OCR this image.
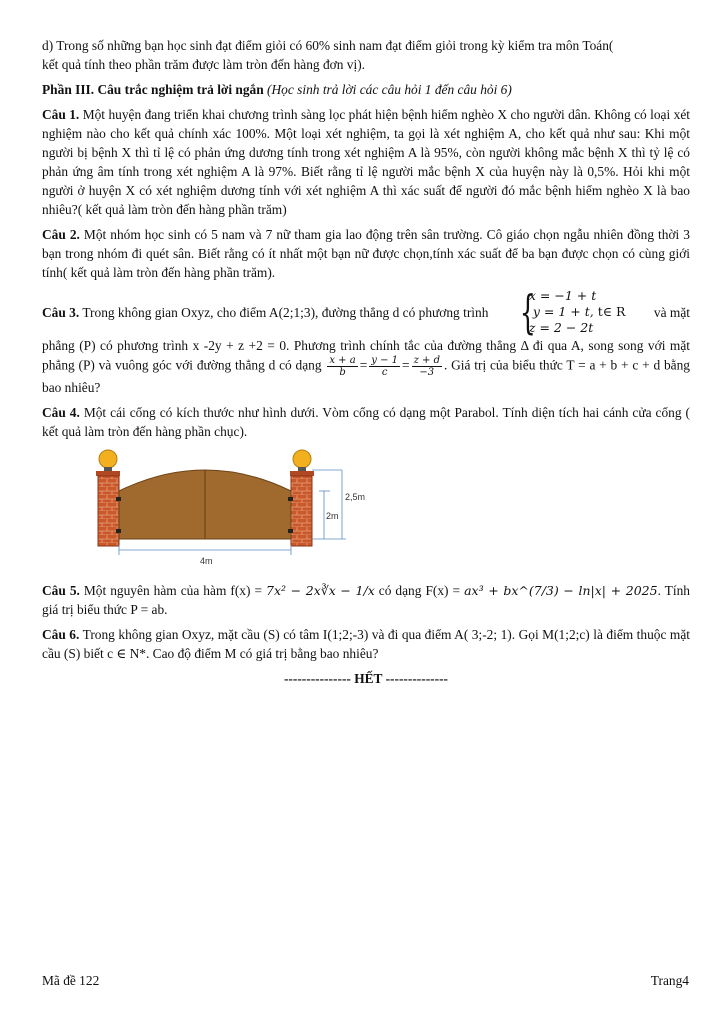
d) Trong số những bạn học sinh đạt điểm giỏi có 60% sinh nam đạt điểm giỏi trong kỳ kiểm tra môn Toán(
kết quả tính theo phần trăm được làm tròn đến hàng đơn vị).

Phần III. Câu trắc nghiệm trả lời ngắn (Học sinh trả lời các câu hỏi 1 đến câu hỏi 6)

Câu 1. Một huyện đang triển khai chương trình sàng lọc phát hiện bệnh hiểm nghèo X cho người dân. Không có loại xét nghiệm nào cho kết quả chính xác 100%. Một loại xét nghiệm, ta gọi là xét nghiệm A, cho kết quả như sau: Khi một người bị bệnh X thì tỉ lệ có phản ứng dương tính trong xét nghiệm A là 95%, còn người không mắc bệnh X thì tỷ lệ có phản ứng âm tính trong xét nghiệm A là 97%. Biết rằng tỉ lệ người mắc bệnh X của huyện này là 0,5%. Hỏi khi một người ở huyện X có xét nghiệm dương tính với xét nghiệm A thì xác suất để người đó mắc bệnh hiểm nghèo X là bao nhiêu?( kết quả làm tròn đến hàng phần trăm)

Câu 2. Một nhóm học sinh có 5 nam và 7 nữ tham gia lao động trên sân trường. Cô giáo chọn ngẫu nhiên đồng thời 3 bạn trong nhóm đi quét sân. Biết rằng có ít nhất một bạn nữ được chọn,tính xác suất để ba bạn được chọn có cùng giới tính( kết quả làm tròn đến hàng phần trăm).

Câu 3. Trong không gian Oxyz, cho điểm A(2;1;3), đường thẳng d có phương trình {
x = −1 + t
y = 1 + t, t∈ R
z = 2 − 2t
và mặt

phẳng (P) có phương trình x -2y + z +2 = 0. Phương trình chính tắc của đường thẳng Δ đi qua A, song song với mặt phẳng (P) và vuông góc với đường thẳng d có dạng $\frac{x + a}{b} = \frac{y - 1}{c} = \frac{z + d}{-3}$ . Giá trị của biểu thức T = a + b + c + d bằng bao nhiêu?

Câu 4. Một cái cổng có kích thước như hình dưới. Vòm cổng có dạng một Parabol. Tính diện tích hai cánh cửa cổng ( kết quả làm tròn đến hàng phần chục).

2,5m
2m
4m

Câu 5. Một nguyên hàm của hàm f(x) = 7x² − 2x∛x − 1/x có dạng F(x) = ax³ + bx^(7/3) − ln|x| + 2025. Tính giá trị biểu thức P = ab.

Câu 6. Trong không gian Oxyz, mặt cầu (S) có tâm I(1;2;-3) và đi qua điểm A( 3;-2; 1). Gọi M(1;2;c) là điểm thuộc mặt cầu (S) biết c ∈ N*. Cao độ điểm M có giá trị bằng bao nhiêu?

--------------- HẾT --------------
Mã đề 122	Trang4
